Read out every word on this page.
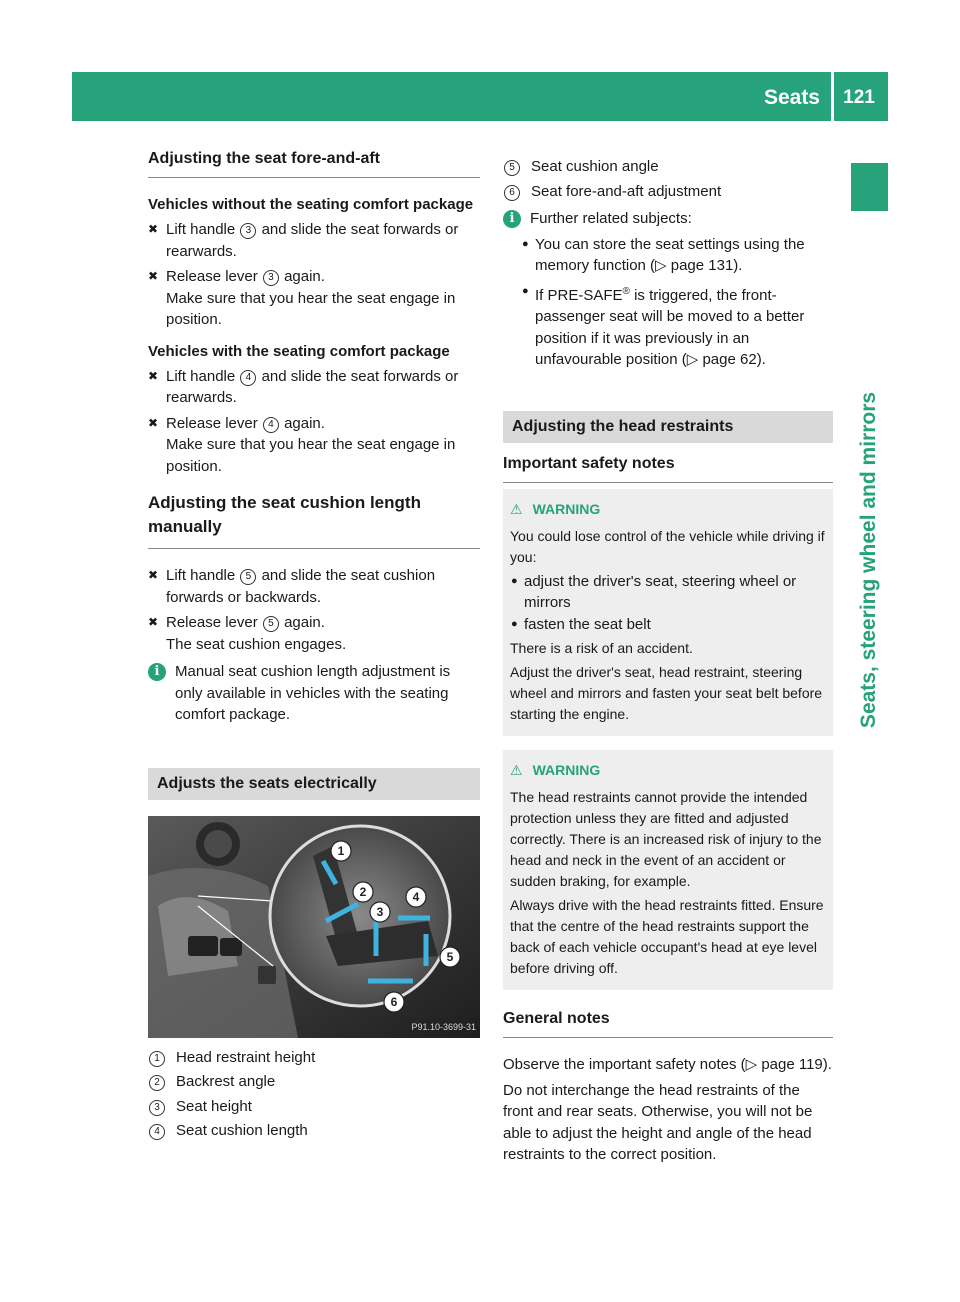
Seats	121
Seats, steering wheel and mirrors
Adjusting the seat fore-and-aft
Vehicles without the seating comfort package
✖ Lift handle 3 and slide the seat forwards or rearwards.
✖ Release lever 3 again.
Make sure that you hear the seat engage in position.
Vehicles with the seating comfort package
✖ Lift handle 4 and slide the seat forwards or rearwards.
✖ Release lever 4 again.
Make sure that you hear the seat engage in position.
Adjusting the seat cushion length manually
✖ Lift handle 5 and slide the seat cushion forwards or backwards.
✖ Release lever 5 again.
The seat cushion engages.
i	Manual seat cushion length adjustment is only available in vehicles with the seating comfort package.
Adjusts the seats electrically
1
2
3
4
5
6
P91.10-3699-31
1	Head restraint height
2	Backrest angle
3	Seat height
4	Seat cushion length
5	Seat cushion angle
6	Seat fore-and-aft adjustment
i	Further related subjects:
● You can store the seat settings using the memory function (▷ page 131).
● If PRE-SAFE® is triggered, the front-passenger seat will be moved to a better position if it was previously in an unfavourable position (▷ page 62).
Adjusting the head restraints
Important safety notes
⚠ WARNING

You could lose control of the vehicle while driving if you:

● adjust the driver's seat, steering wheel or mirrors
● fasten the seat belt

There is a risk of an accident.

Adjust the driver's seat, head restraint, steering wheel and mirrors and fasten your seat belt before starting the engine.

⚠ WARNING

The head restraints cannot provide the intended protection unless they are fitted and adjusted correctly. There is an increased risk of injury to the head and neck in the event of an accident or sudden braking, for example.

Always drive with the head restraints fitted. Ensure that the centre of the head restraints support the back of each vehicle occupant's head at eye level before driving off.

General notes

Observe the important safety notes (▷ page 119).

Do not interchange the head restraints of the front and rear seats. Otherwise, you will not be able to adjust the height and angle of the head restraints to the correct position.
